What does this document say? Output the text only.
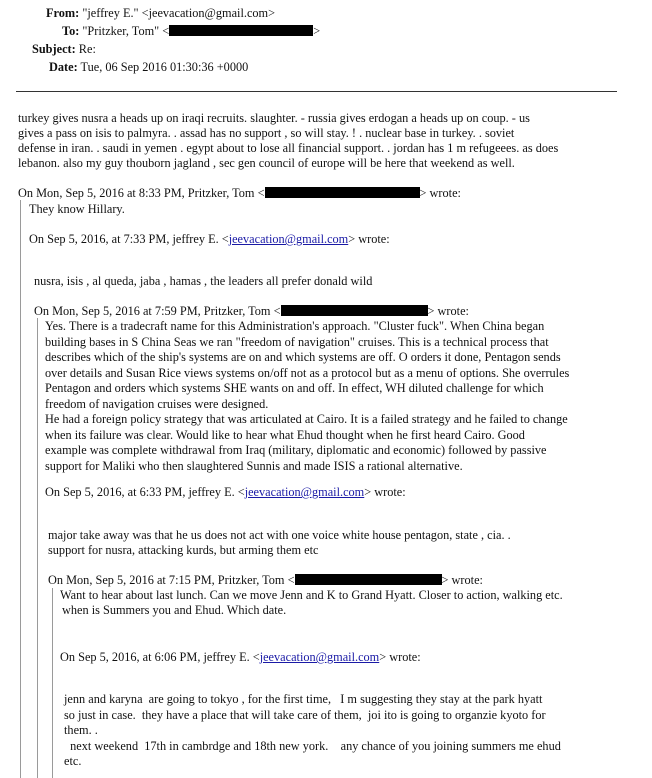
From: "jeffrey E." <jeevacation@gmail.com>
To: "Pritzker, Tom" <	>
Subject: Re:
Date: Tue, 06 Sep 2016 01:30:36 +0000
turkey gives nusra a heads up on iraqi recruits. slaughter. - russia gives erdogan a heads up on coup. - us
gives a pass on isis to palmyra. . assad has no support , so will stay. ! . nuclear base in turkey. . soviet
defense in iran. . saudi in yemen . egypt about to lose all financial support. . jordan has 1 m refugeees. as does
lebanon. also my guy thouborn jagland , sec gen council of europe will be here that weekend as well.
On Mon, Sep 5, 2016 at 8:33 PM, Pritzker, Tom <	> wrote:
They know Hillary.
On Sep 5, 2016, at 7:33 PM, jeffrey E. <jeevacation@gmail.com> wrote:
nusra, isis , al queda, jaba , hamas , the leaders all prefer donald wild
On Mon, Sep 5, 2016 at 7:59 PM, Pritzker, Tom <	> wrote:
Yes. There is a tradecraft name for this Administration's approach. "Cluster fuck". When China began
building bases in S China Seas we ran "freedom of navigation" cruises. This is a technical process that
describes which of the ship's systems are on and which systems are off. O orders it done, Pentagon sends
over details and Susan Rice views systems on/off not as a protocol but as a menu of options. She overrules
Pentagon and orders which systems SHE wants on and off. In effect, WH diluted challenge for which
freedom of navigation cruises were designed.
He had a foreign policy strategy that was articulated at Cairo. It is a failed strategy and he failed to change
when its failure was clear. Would like to hear what Ehud thought when he first heard Cairo. Good
example was complete withdrawal from Iraq (military, diplomatic and economic) followed by passive
support for Maliki who then slaughtered Sunnis and made ISIS a rational alternative.
On Sep 5, 2016, at 6:33 PM, jeffrey E. <jeevacation@gmail.com> wrote:
major take away was that he us does not act with one voice white house pentagon, state , cia. .
support for nusra, attacking kurds, but arming them etc
On Mon, Sep 5, 2016 at 7:15 PM, Pritzker, Tom <	> wrote:
Want to hear about last lunch. Can we move Jenn and K to Grand Hyatt. Closer to action, walking etc.
when is Summers you and Ehud. Which date.
On Sep 5, 2016, at 6:06 PM, jeffrey E. <jeevacation@gmail.com> wrote:
jenn and karyna  are going to tokyo , for the first time,   I m suggesting they stay at the park hyatt
so just in case.  they have a place that will take care of them,  joi ito is going to organzie kyoto for
them. .
next weekend  17th in cambrdge and 18th new york.    any chance of you joining summers me ehud
etc.
